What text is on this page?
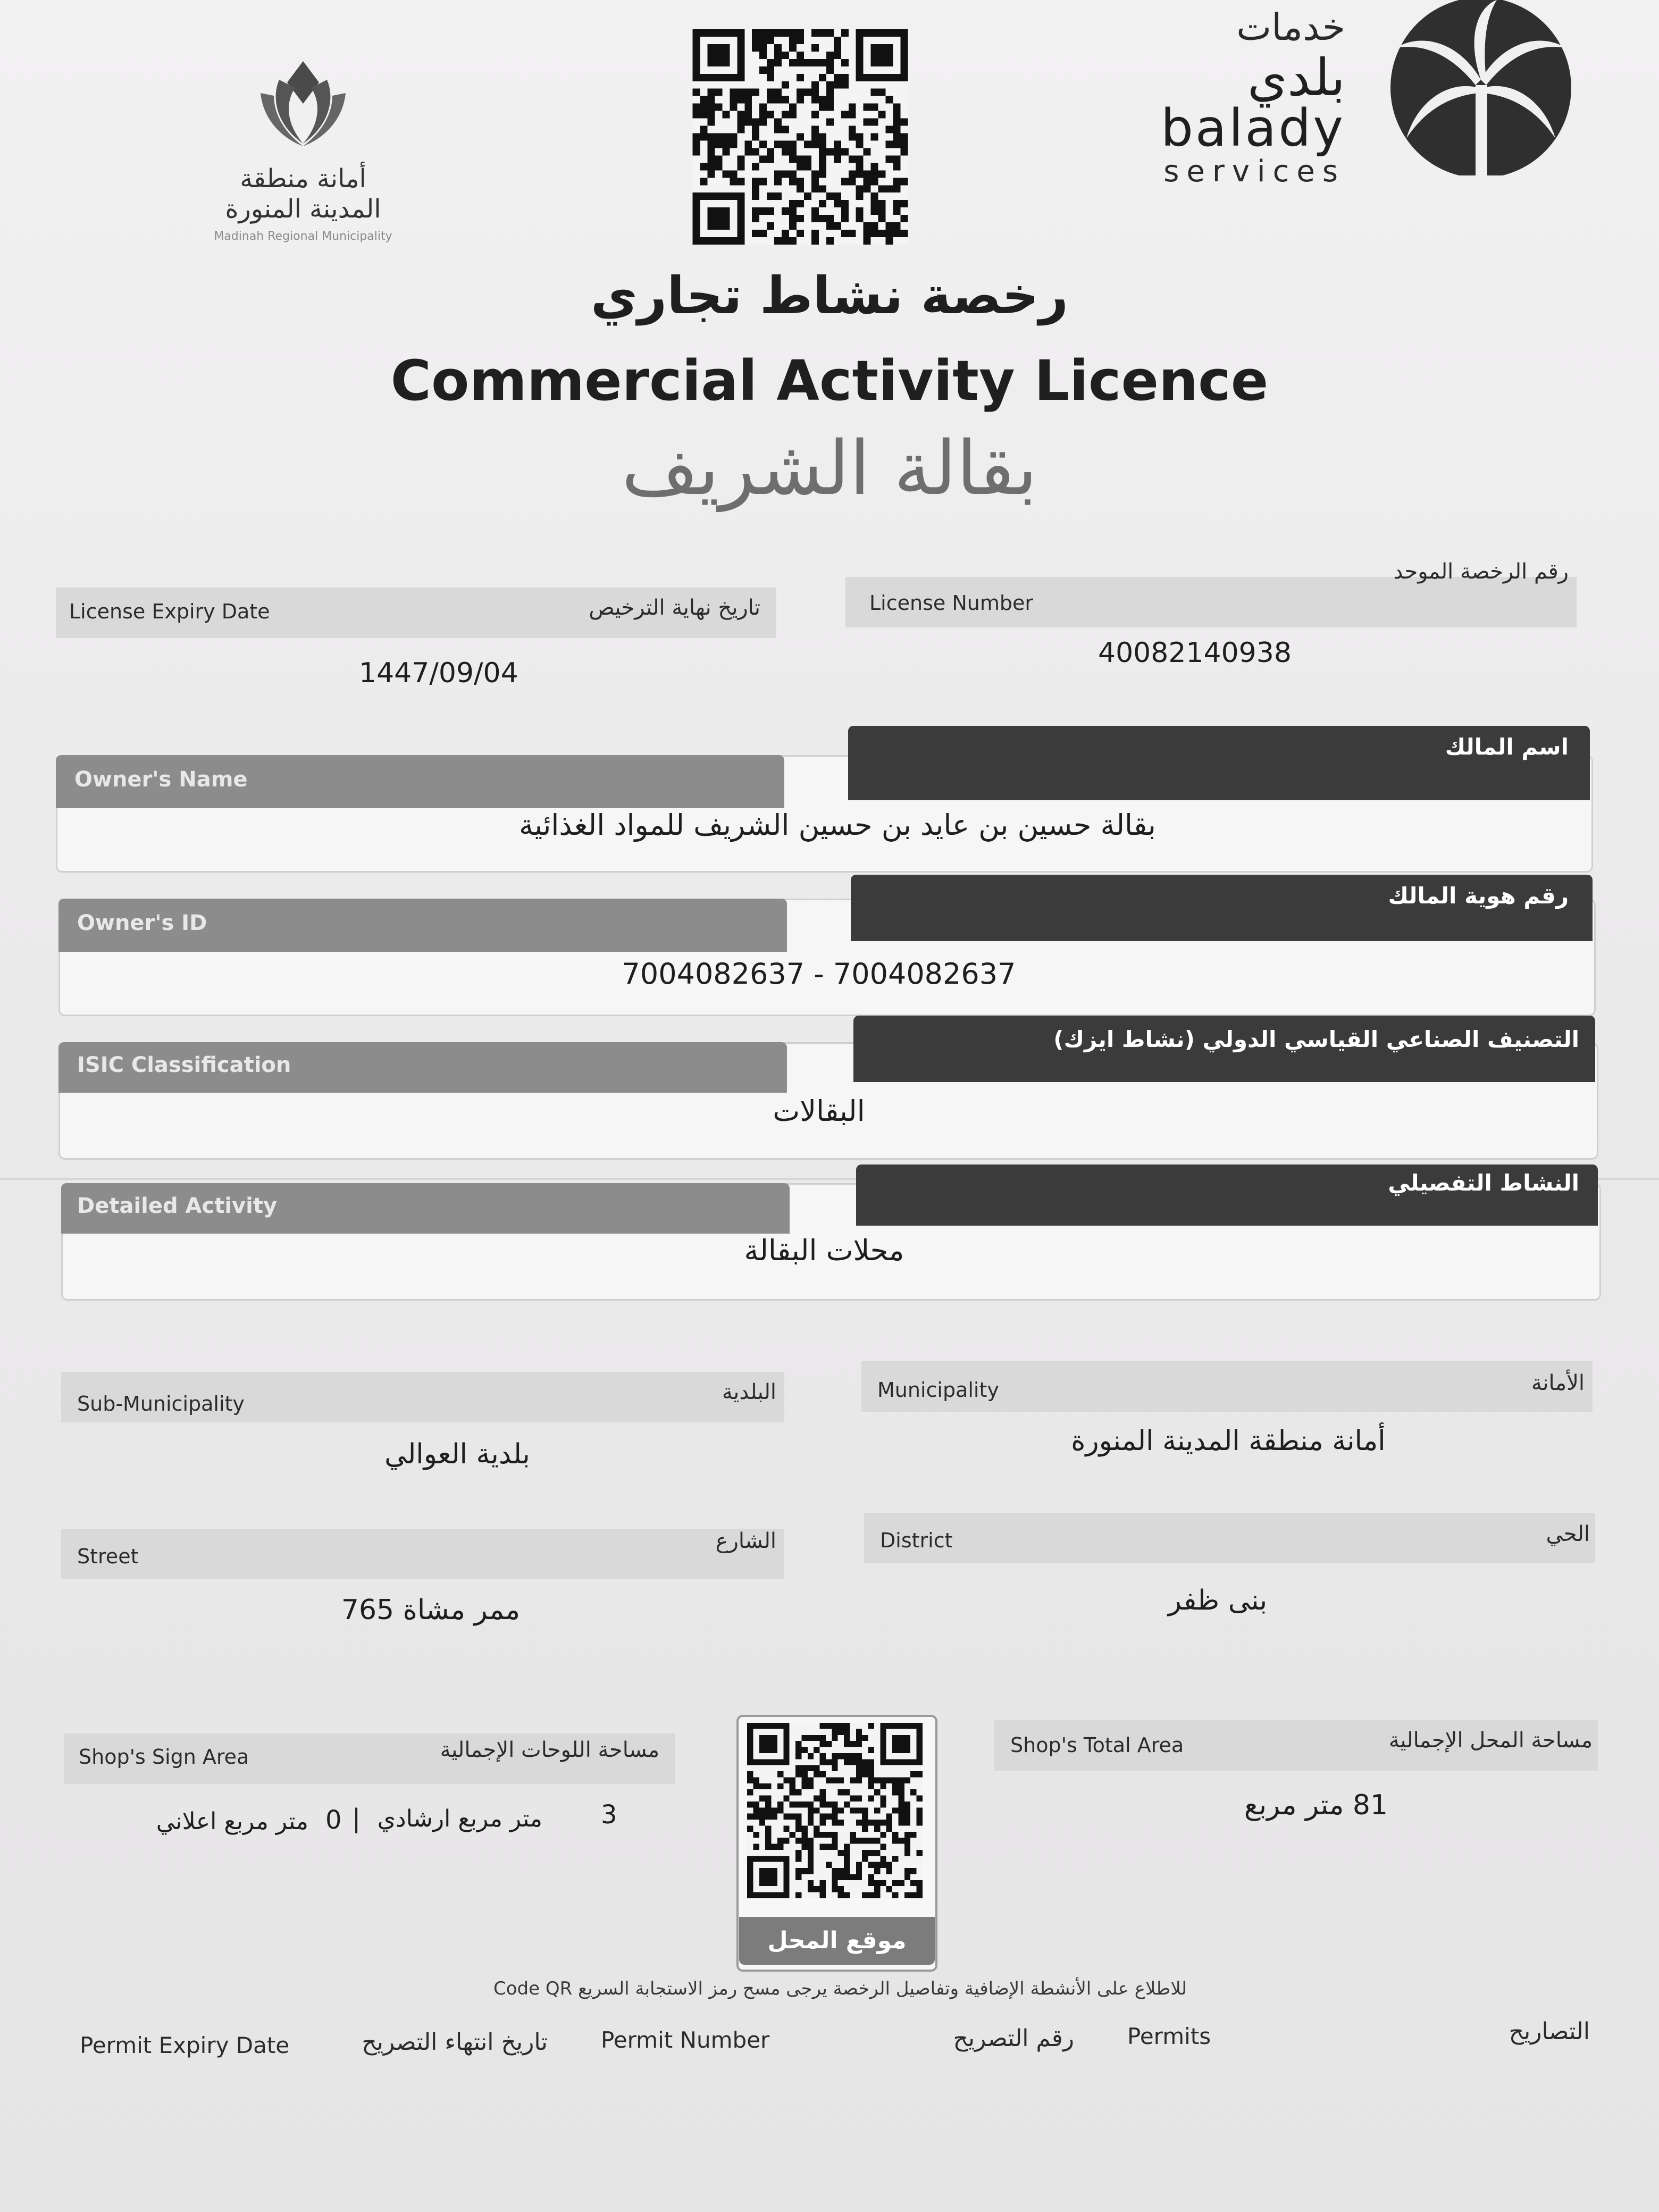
أمانة منطقة
المدينة المنورة
Madinah Regional Municipality
خدمات
بلدي
balady
services
رخصة نشاط تجاري
Commercial Activity Licence
بقالة الشريف
License Expiry Date	تاريخ نهاية الترخيص
1447/09/04
License Number
رقم الرخصة الموحد
40082140938
Owner's Name
اسم المالك
بقالة حسين بن عايد بن حسين الشريف للمواد الغذائية
Owner's ID
رقم هوية المالك
7004082637 - 7004082637
ISIC Classification
التصنيف الصناعي القياسي الدولي (نشاط ايزك)
البقالات
Detailed Activity
النشاط التفصيلي
محلات البقالة
Sub-Municipality	البلدية
بلدية العوالي
Municipality	الأمانة
أمانة منطقة المدينة المنورة
Street
الشارع
ممر مشاة 765
District	الحي
بنى ظفر
Shop's Sign Area	مساحة اللوحات الإجمالية
3
متر مربع ارشادي
|
0
متر مربع اعلاني
موقع المحل
Shop's Total Area	مساحة المحل الإجمالية
81 متر مربع
للاطلاع على الأنشطة الإضافية وتفاصيل الرخصة يرجى مسح رمز الاستجابة السريع Code QR
Permit Expiry Date	تاريخ انتهاء التصريح Permit Number	رقم التصريح Permits	التصاريح
